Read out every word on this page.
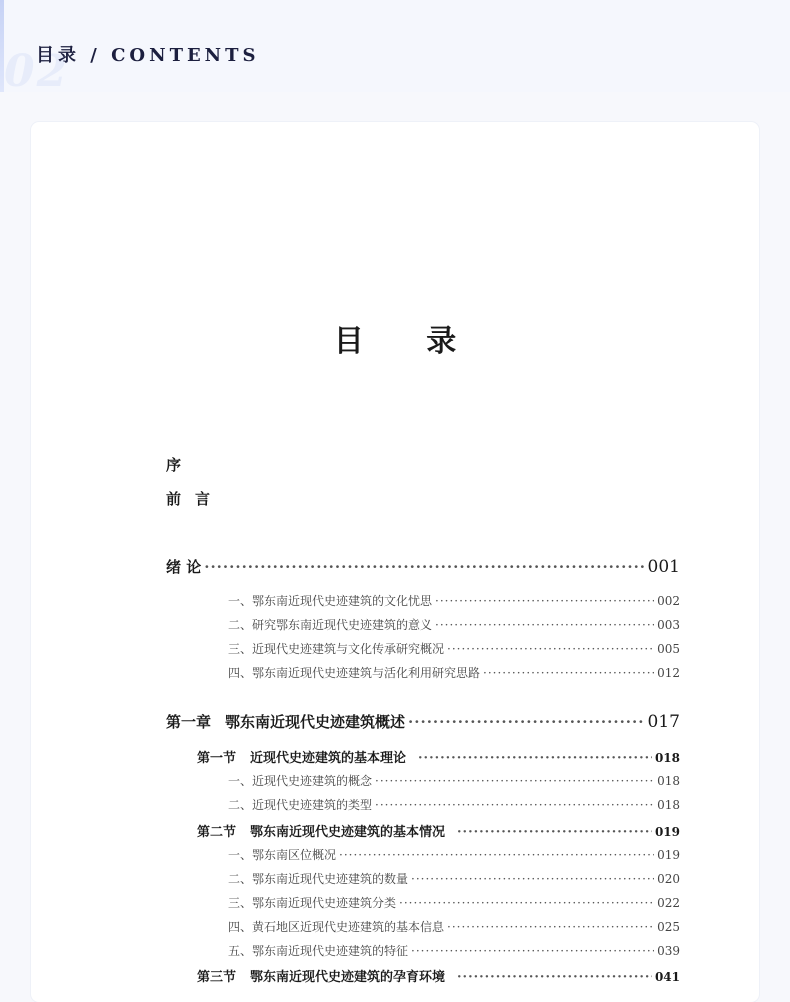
02
目录 / CONTENTS
目 录
序
前言
绪 论 ·····	001
一、鄂东南近现代史迹建筑的文化忧思 ·····	002
二、研究鄂东南近现代史迹建筑的意义 ·····	003
三、近现代史迹建筑与文化传承研究概况 ·····	005
四、鄂东南近现代史迹建筑与活化利用研究思路 ·····	012
第一章 鄂东南近现代史迹建筑概述 ·····	017
第一节 近现代史迹建筑的基本理论 ·····	018
一、近现代史迹建筑的概念 ·····	018
二、近现代史迹建筑的类型 ·····	018
第二节 鄂东南近现代史迹建筑的基本情况 ·····	019
一、鄂东南区位概况 ·····	019
二、鄂东南近现代史迹建筑的数量 ·····	020
三、鄂东南近现代史迹建筑分类 ·····	022
四、黄石地区近现代史迹建筑的基本信息 ·····	025
五、鄂东南近现代史迹建筑的特征 ·····	039
第三节 鄂东南近现代史迹建筑的孕育环境 ·····	041
